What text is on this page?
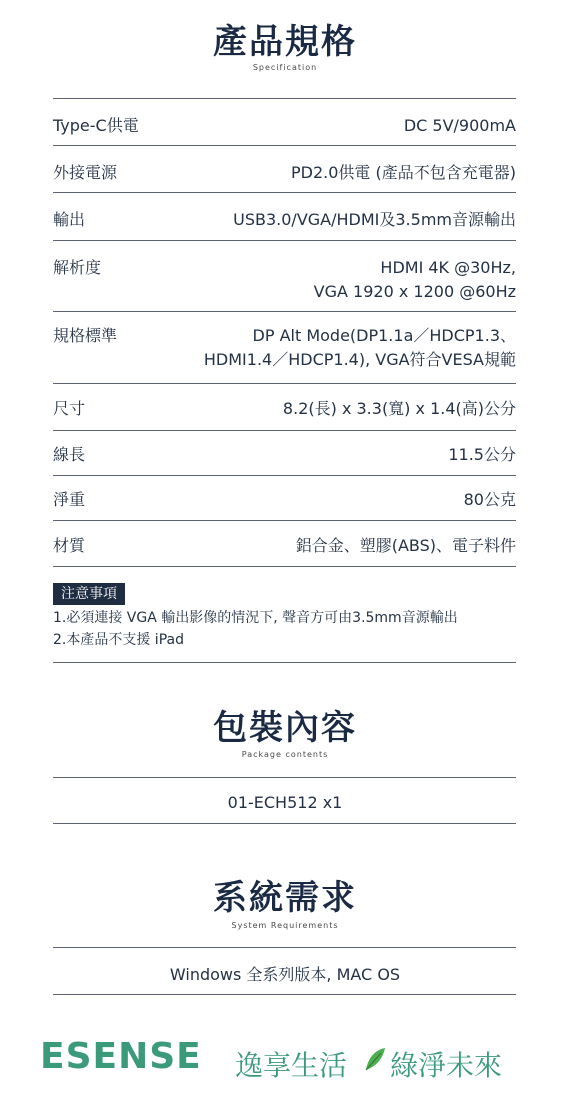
產品規格
Specification
Type-C供電	DC 5V/900mA
外接電源	PD2.0供電 (產品不包含充電器)
輸出	USB3.0/VGA/HDMI及3.5mm音源輸出
解析度	HDMI 4K @30Hz,
VGA 1920 x 1200 @60Hz
規格標準	DP Alt Mode(DP1.1a／HDCP1.3、
HDMI1.4／HDCP1.4), VGA符合VESA規範
尺寸	8.2(長) x 3.3(寬) x 1.4(高)公分
線長	11.5公分
淨重	80公克
材質	鋁合金、塑膠(ABS)、電子料件
注意事項
1.必須連接 VGA 輸出影像的情況下, 聲音方可由3.5mm音源輸出
2.本產品不支援 iPad
包裝內容
Package contents
01-ECH512 x1
系統需求
System Requirements
Windows 全系列版本, MAC OS
ESENSE 逸享生活 綠淨未來
